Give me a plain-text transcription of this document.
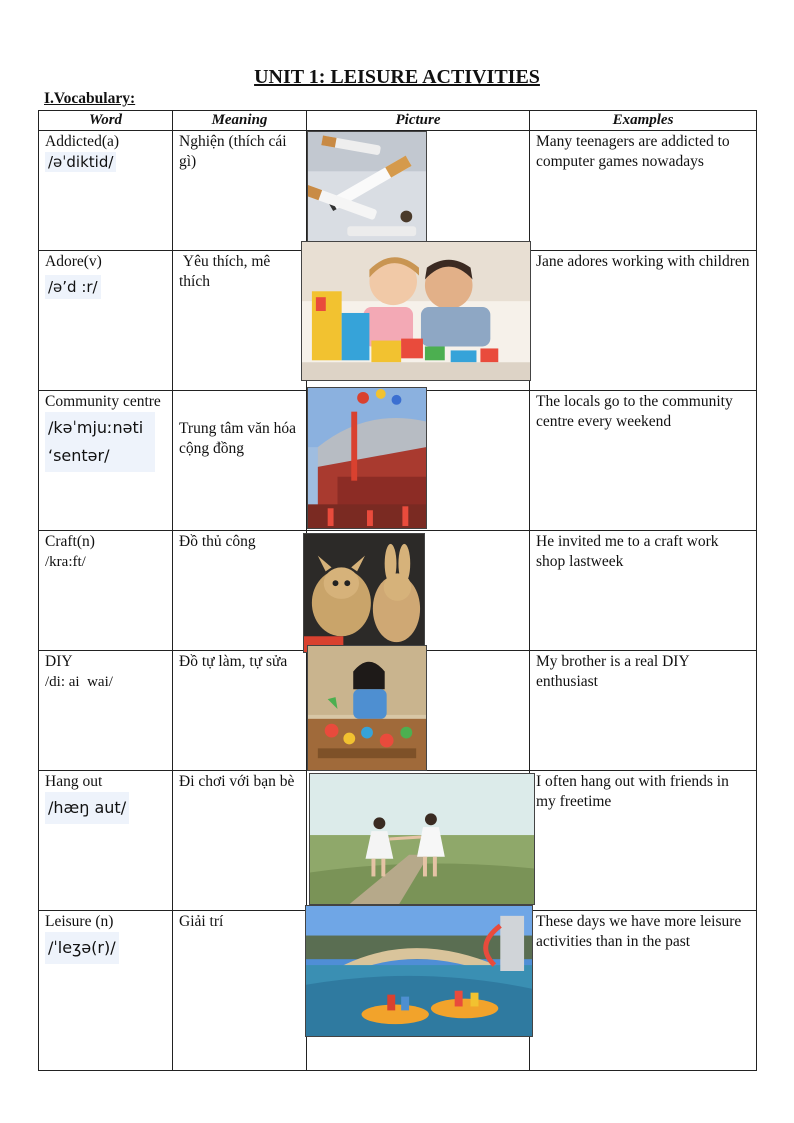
UNIT 1: LEISURE ACTIVITIES
I.Vocabulary:
Word	Meaning	Picture	Examples

Addicted(a)
/əˈdiktid/	Nghiện (thích cái gì)		Many teenagers are addicted to computer games nowadays

Adore(v)
/ə’d :r/	Yêu thích, mê thích		Jane adores working with children

Community centre
/kəˈmjuːnəti ‘sentər/	Trung tâm văn hóa cộng đồng		The locals go to the community centre every weekend

Craft(n)
/kra:ft/	Đồ thủ công		He invited me to a craft work shop lastweek

DIY
/di: ai  wai/	Đồ tự làm, tự sửa		My brother is a real DIY enthusiast

Hang out
/hæŋ aut/	Đi chơi với bạn bè		I often hang out with friends in my freetime

Leisure (n)
/ˈleʒə(r)/	Giải trí		These days we have more leisure activities than in the past
